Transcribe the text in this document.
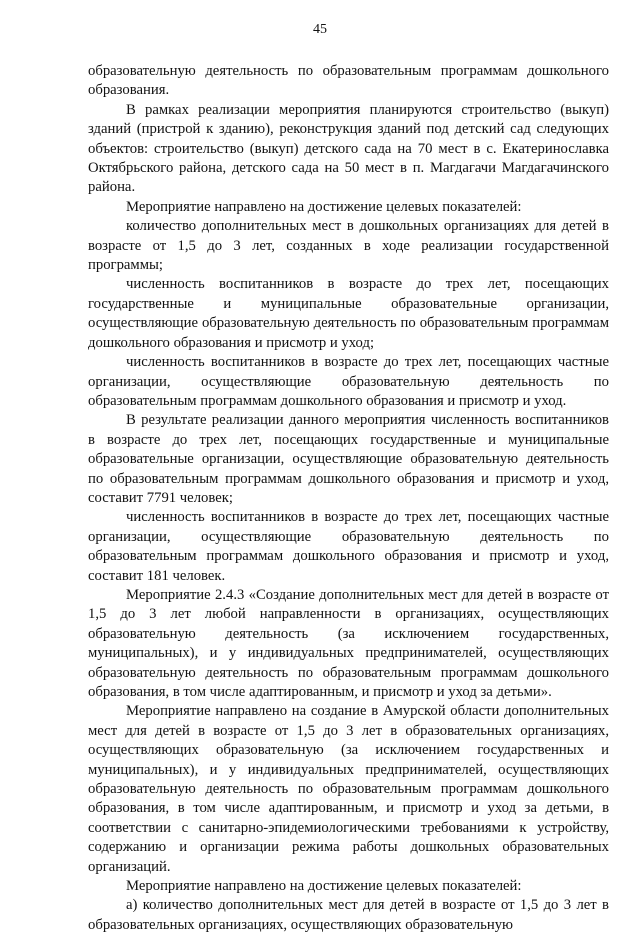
45

образовательную деятельность по образовательным программам дошкольного образования.

В рамках реализации мероприятия планируются строительство (выкуп) зданий (пристрой к зданию), реконструкция зданий под детский сад следующих объектов: строительство (выкуп) детского сада на 70 мест в с. Екатеринославка Октябрьского района, детского сада на 50 мест в п. Магдагачи Магдагачинского района.

Мероприятие направлено на достижение целевых показателей:

количество дополнительных мест в дошкольных организациях для детей в возрасте от 1,5 до 3 лет, созданных в ходе реализации государственной программы;

численность воспитанников в возрасте до трех лет, посещающих государственные и муниципальные образовательные организации, осуществляющие образовательную деятельность по образовательным программам дошкольного образования и присмотр и уход;

численность воспитанников в возрасте до трех лет, посещающих частные организации, осуществляющие образовательную деятельность по образовательным программам дошкольного образования и присмотр и уход.

В результате реализации данного мероприятия численность воспитанников в возрасте до трех лет, посещающих государственные и муниципальные образовательные организации, осуществляющие образовательную деятельность по образовательным программам дошкольного образования и присмотр и уход, составит 7791 человек;

численность воспитанников в возрасте до трех лет, посещающих частные организации, осуществляющие образовательную деятельность по образовательным программам дошкольного образования и присмотр и уход, составит 181 человек.

Мероприятие 2.4.3 «Создание дополнительных мест для детей в возрасте от 1,5 до 3 лет любой направленности в организациях, осуществляющих образовательную деятельность (за исключением государственных, муниципальных), и у индивидуальных предпринимателей, осуществляющих образовательную деятельность по образовательным программам дошкольного образования, в том числе адаптированным, и присмотр и уход за детьми».

Мероприятие направлено на создание в Амурской области дополнительных мест для детей в возрасте от 1,5 до 3 лет в образовательных организациях, осуществляющих образовательную (за исключением государственных и муниципальных), и у индивидуальных предпринимателей, осуществляющих образовательную деятельность по образовательным программам дошкольного образования, в том числе адаптированным, и присмотр и уход за детьми, в соответствии с санитарно-эпидемиологическими требованиями к устройству, содержанию и организации режима работы дошкольных образовательных организаций.

Мероприятие направлено на достижение целевых показателей:

а) количество дополнительных мест для детей в возрасте от 1,5 до 3 лет в образовательных организациях, осуществляющих образовательную
